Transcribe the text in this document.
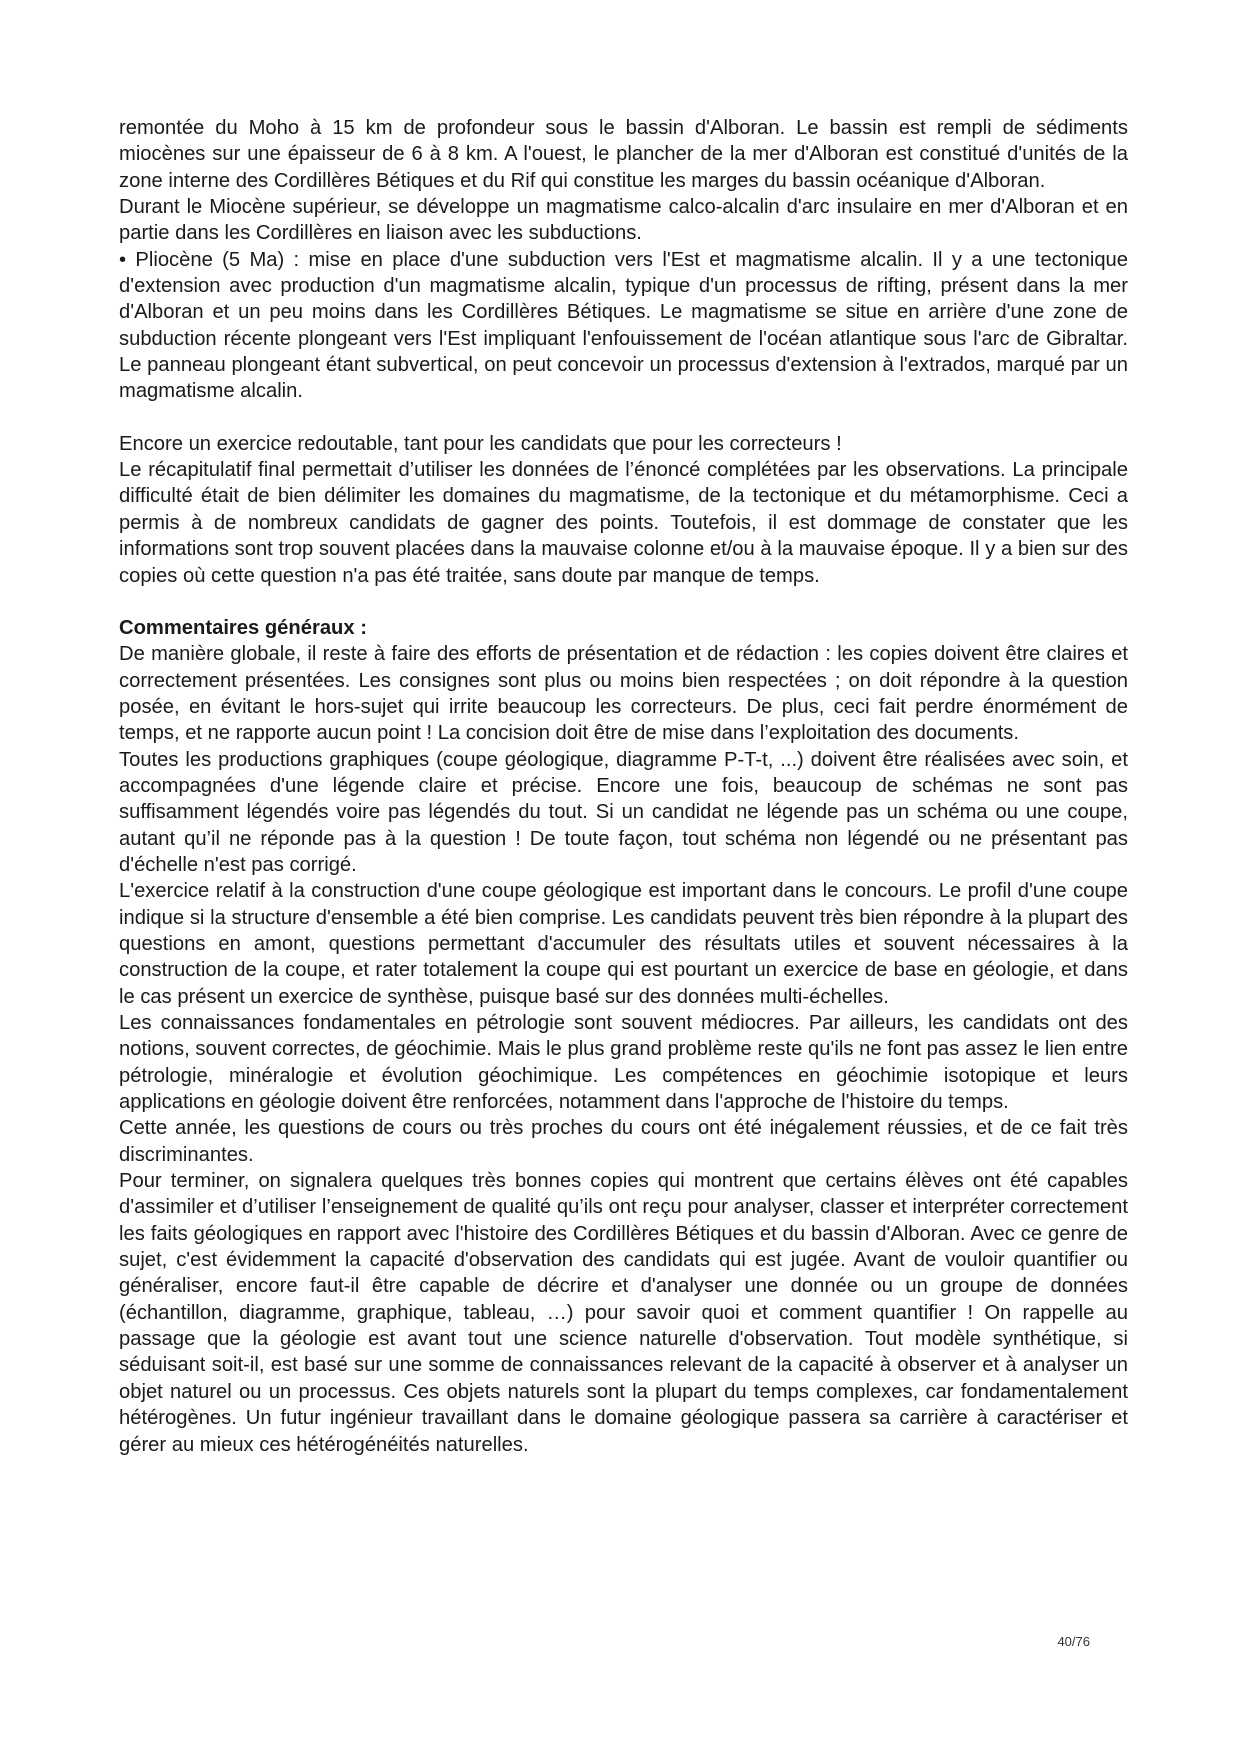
remontée du Moho à 15 km de profondeur sous le bassin d'Alboran. Le bassin est rempli de sédiments miocènes sur une épaisseur de 6 à 8 km. A l'ouest, le plancher de la mer d'Alboran est constitué d'unités de la zone interne des Cordillères Bétiques et du Rif qui constitue les marges du bassin océanique d'Alboran.

Durant le Miocène supérieur, se développe un magmatisme calco-alcalin d'arc insulaire en mer d'Alboran et en partie dans les Cordillères en liaison avec les subductions.

• Pliocène (5 Ma) : mise en place d'une subduction vers l'Est et magmatisme alcalin. Il y a une tectonique d'extension avec production d'un magmatisme alcalin, typique d'un processus de rifting, présent dans la mer d'Alboran et un peu moins dans les Cordillères Bétiques. Le magmatisme se situe en arrière d'une zone de subduction récente plongeant vers l'Est impliquant l'enfouissement de l'océan atlantique sous l'arc de Gibraltar. Le panneau plongeant étant subvertical, on peut concevoir un processus d'extension à l'extrados, marqué par un magmatisme alcalin.

Encore un exercice redoutable, tant pour les candidats que pour les correcteurs !

Le récapitulatif final permettait d’utiliser les données de l’énoncé complétées par les observations. La principale difficulté était de bien délimiter les domaines du magmatisme, de la tectonique et du métamorphisme. Ceci a permis à de nombreux candidats de gagner des points. Toutefois, il est dommage de constater que les informations sont trop souvent placées dans la mauvaise colonne et/ou à la mauvaise époque. Il y a bien sur des copies où cette question n'a pas été traitée, sans doute par manque de temps.

Commentaires généraux :

De manière globale, il reste à faire des efforts de présentation et de rédaction : les copies doivent être claires et correctement présentées. Les consignes sont plus ou moins bien respectées ; on doit répondre à la question posée, en évitant le hors-sujet qui irrite beaucoup les correcteurs. De plus, ceci fait perdre énormément de temps, et ne rapporte aucun point ! La concision doit être de mise dans l’exploitation des documents.

Toutes les productions graphiques (coupe géologique, diagramme P-T-t, ...) doivent être réalisées avec soin, et accompagnées d'une légende claire et précise. Encore une fois, beaucoup de schémas ne sont pas suffisamment légendés voire pas légendés du tout. Si un candidat ne légende pas un schéma ou une coupe, autant qu’il ne réponde pas à la question ! De toute façon, tout schéma non légendé ou ne présentant pas d'échelle n'est pas corrigé.

L'exercice relatif à la construction d'une coupe géologique est important dans le concours. Le profil d'une coupe indique si la structure d'ensemble a été bien comprise. Les candidats peuvent très bien répondre à la plupart des questions en amont, questions permettant d'accumuler des résultats utiles et souvent nécessaires à la construction de la coupe, et rater totalement la coupe qui est pourtant un exercice de base en géologie, et dans le cas présent un exercice de synthèse, puisque basé sur des données multi-échelles.

Les connaissances fondamentales en pétrologie sont souvent médiocres. Par ailleurs, les candidats ont des notions, souvent correctes, de géochimie. Mais le plus grand problème reste qu'ils ne font pas assez le lien entre pétrologie, minéralogie et évolution géochimique. Les compétences en géochimie isotopique et leurs applications en géologie doivent être renforcées, notamment dans l'approche de l'histoire du temps.

Cette année, les questions de cours ou très proches du cours ont été inégalement réussies, et de ce fait très discriminantes.

Pour terminer, on signalera quelques très bonnes copies qui montrent que certains élèves ont été capables d'assimiler et d’utiliser l’enseignement de qualité qu’ils ont reçu pour analyser, classer et interpréter correctement les faits géologiques en rapport avec l'histoire des Cordillères Bétiques et du bassin d'Alboran. Avec ce genre de sujet, c'est évidemment la capacité d'observation des candidats qui est jugée. Avant de vouloir quantifier ou généraliser, encore faut-il être capable de décrire et d'analyser une donnée ou un groupe de données (échantillon, diagramme, graphique, tableau, …) pour savoir quoi et comment quantifier ! On rappelle au passage que la géologie est avant tout une science naturelle d'observation. Tout modèle synthétique, si séduisant soit-il, est basé sur une somme de connaissances relevant de la capacité à observer et à analyser un objet naturel ou un processus. Ces objets naturels sont la plupart du temps complexes, car fondamentalement hétérogènes. Un futur ingénieur travaillant dans le domaine géologique passera sa carrière à caractériser et gérer au mieux ces hétérogénéités naturelles.

40/76
